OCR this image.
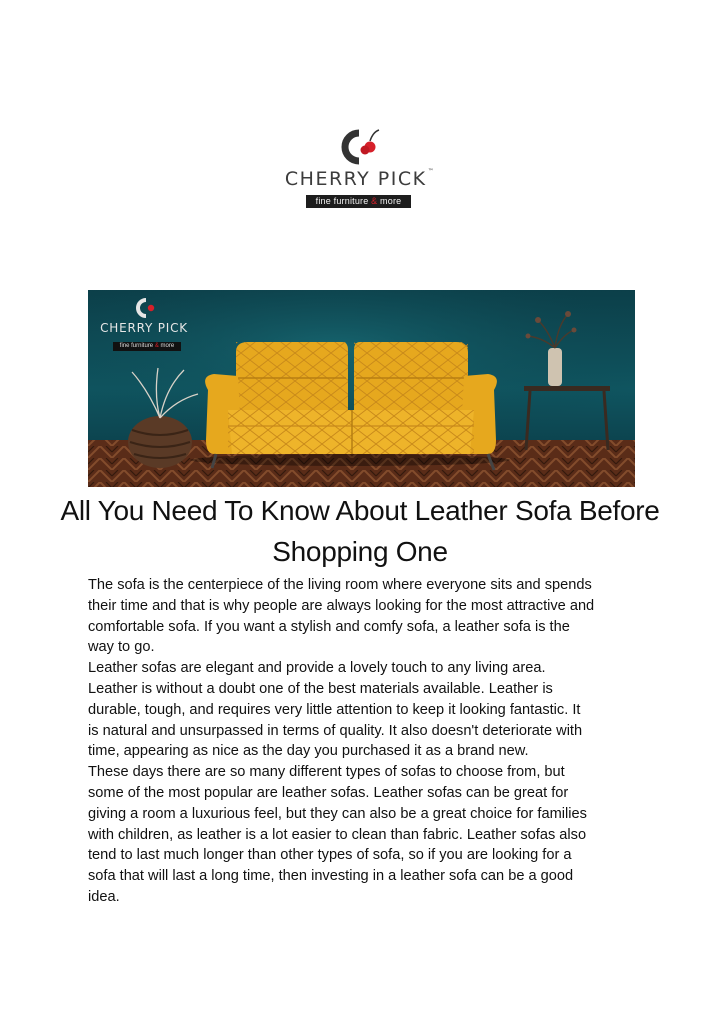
CHERRY PICK™
fine furniture & more
CHERRY PICK
fine furniture & more
All You Need To Know About Leather Sofa Before Shopping One

The sofa is the centerpiece of the living room where everyone sits and spends
their time and that is why people are always looking for the most attractive and
comfortable sofa. If you want a stylish and comfy sofa, a leather sofa is the
way to go.

Leather sofas are elegant and provide a lovely touch to any living area.
Leather is without a doubt one of the best materials available. Leather is
durable, tough, and requires very little attention to keep it looking fantastic. It
is natural and unsurpassed in terms of quality. It also doesn't deteriorate with
time, appearing as nice as the day you purchased it as a brand new.

These days there are so many different types of sofas to choose from, but
some of the most popular are leather sofas. Leather sofas can be great for
giving a room a luxurious feel, but they can also be a great choice for families
with children, as leather is a lot easier to clean than fabric. Leather sofas also
tend to last much longer than other types of sofa, so if you are looking for a
sofa that will last a long time, then investing in a leather sofa can be a good
idea.
